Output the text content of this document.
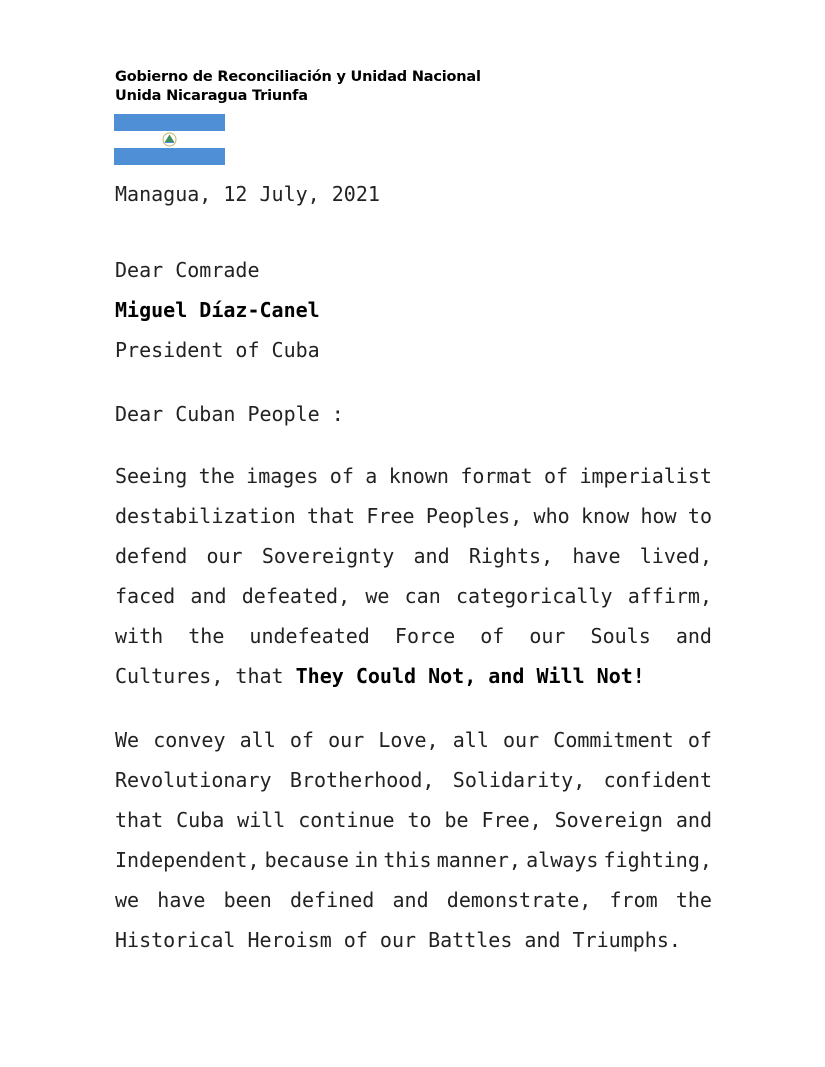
Gobierno de Reconciliación y Unidad Nacional
Unida Nicaragua Triunfa
Managua, 12 July, 2021
Dear Comrade
Miguel Díaz-Canel
President of Cuba
Dear Cuban People :
Seeing the images of a known format of imperialist
destabilization that Free Peoples, who know how to
defend our Sovereignty and Rights, have lived,
faced and defeated, we can categorically affirm,
with the undefeated Force of our Souls and
Cultures, that They Could Not, and Will Not!
We convey all of our Love, all our Commitment of
Revolutionary Brotherhood, Solidarity, confident
that Cuba will continue to be Free, Sovereign and
Independent, because in this manner, always fighting,
we have been defined and demonstrate, from the
Historical Heroism of our Battles and Triumphs.
